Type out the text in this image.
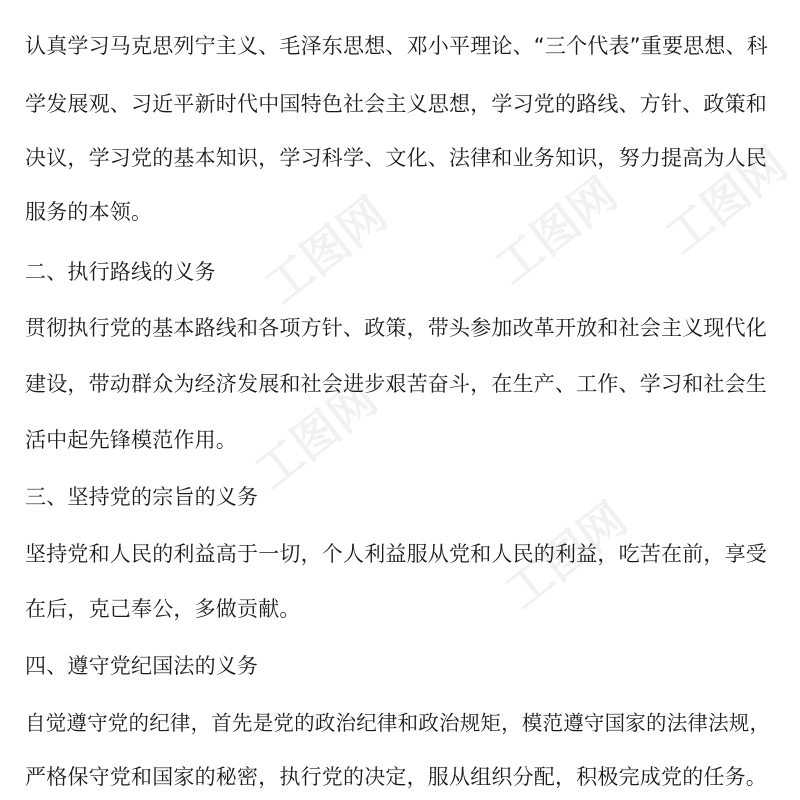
工图网 工图网 工图网
工图网
工图网
认真学习马克思列宁主义、毛泽东思想、邓小平理论、“三个代表”重要思想、科
学发展观、习近平新时代中国特色社会主义思想，学习党的路线、方针、政策和
决议，学习党的基本知识，学习科学、文化、法律和业务知识，努力提高为人民
服务的本领。
二、执行路线的义务
贯彻执行党的基本路线和各项方针、政策，带头参加改革开放和社会主义现代化
建设，带动群众为经济发展和社会进步艰苦奋斗，在生产、工作、学习和社会生
活中起先锋模范作用。
三、坚持党的宗旨的义务
坚持党和人民的利益高于一切，个人利益服从党和人民的利益，吃苦在前，享受
在后，克己奉公，多做贡献。
四、遵守党纪国法的义务
自觉遵守党的纪律，首先是党的政治纪律和政治规矩，模范遵守国家的法律法规，
严格保守党和国家的秘密，执行党的决定，服从组织分配，积极完成党的任务。
